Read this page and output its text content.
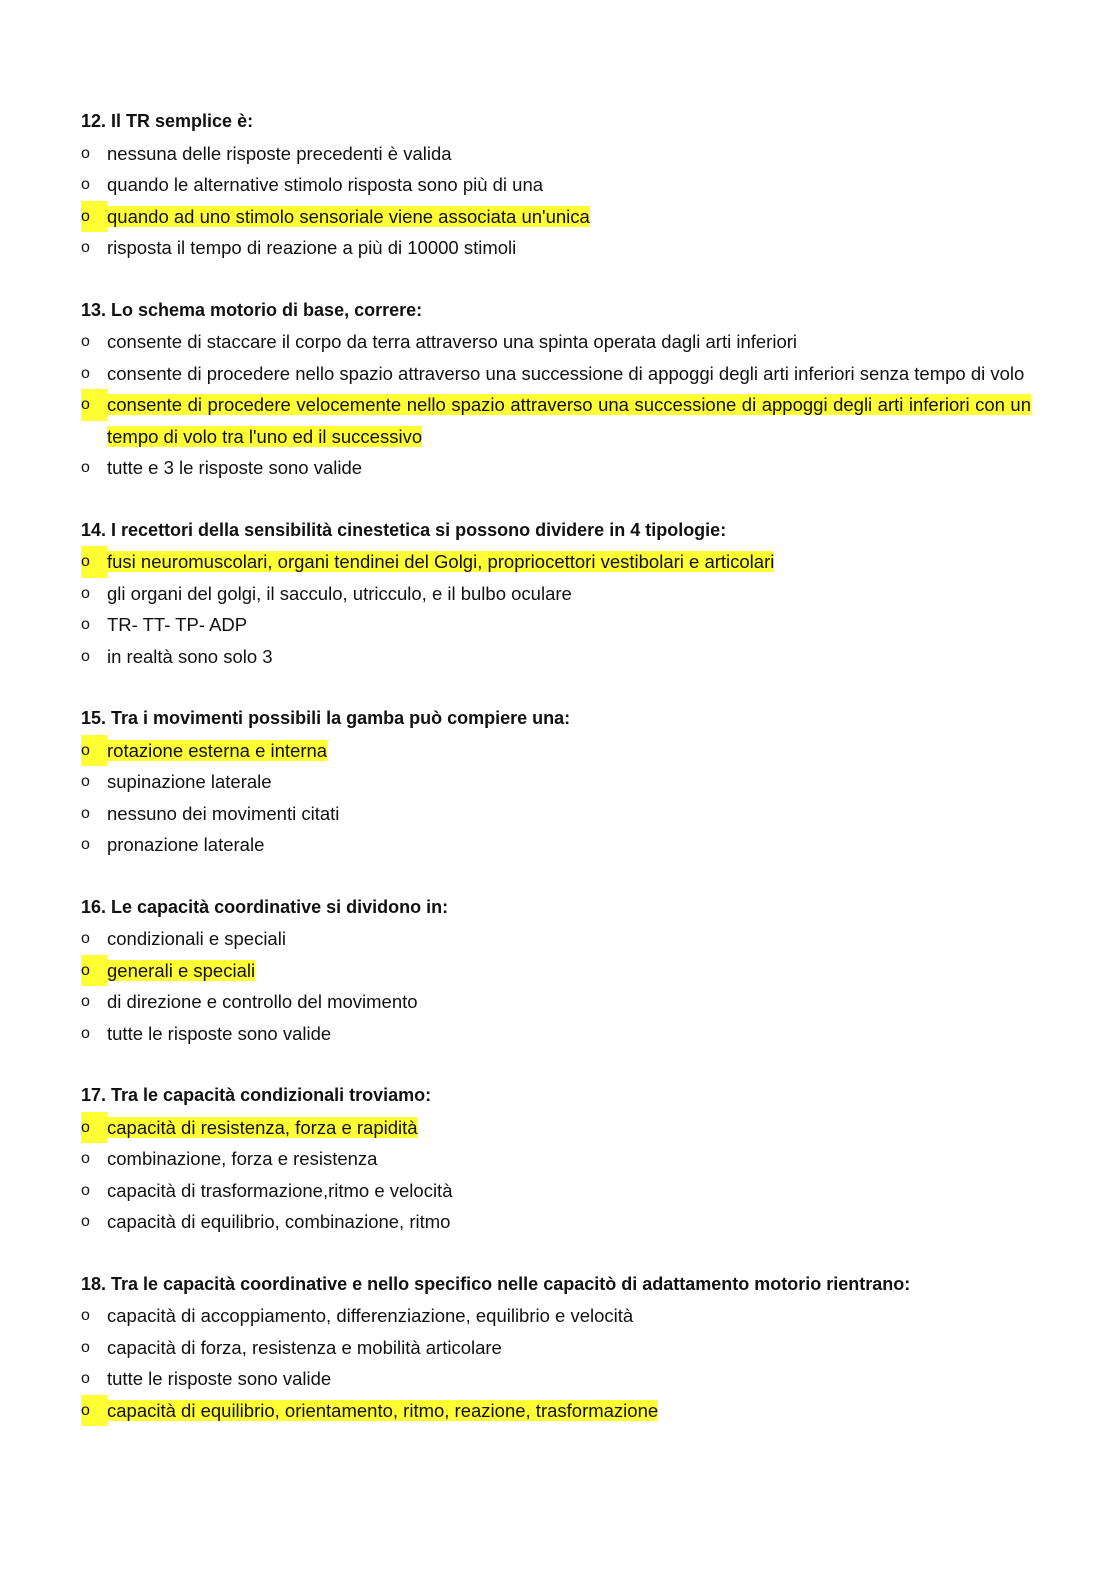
12. Il TR semplice è:
o nessuna delle risposte precedenti è valida
o quando le alternative stimolo risposta sono più di una
o quando ad uno stimolo sensoriale viene associata un'unica
o risposta il tempo di reazione a più di 10000 stimoli
13. Lo schema motorio di base, correre:
o consente di staccare il corpo da terra attraverso una spinta operata dagli arti inferiori
o consente di procedere nello spazio attraverso una successione di appoggi degli arti inferiori senza tempo di volo
o consente di procedere velocemente nello spazio attraverso una successione di appoggi degli arti inferiori con un tempo di volo tra l'uno ed il successivo
o tutte e 3 le risposte sono valide
14. I recettori della sensibilità cinestetica si possono dividere in 4 tipologie:
o fusi neuromuscolari, organi tendinei del Golgi, propriocettori vestibolari e articolari
o gli organi del golgi, il sacculo, utricculo, e il bulbo oculare
o TR- TT- TP- ADP
o in realtà sono solo 3
15. Tra i movimenti possibili la gamba può compiere una:
o rotazione esterna e interna
o supinazione laterale
o nessuno dei movimenti citati
o pronazione laterale
16. Le capacità coordinative si dividono in:
o condizionali e speciali
o generali e speciali
o di direzione e controllo del movimento
o tutte le risposte sono valide
17. Tra le capacità condizionali troviamo:
o capacità di resistenza, forza e rapidità
o combinazione, forza e resistenza
o capacità di trasformazione,ritmo e velocità
o capacità di equilibrio, combinazione, ritmo
18. Tra le capacità coordinative e nello specifico nelle capacitò di adattamento motorio rientrano:
o capacità di accoppiamento, differenziazione, equilibrio e velocità
o capacità di forza, resistenza e mobilità articolare
o tutte le risposte sono valide
o capacità di equilibrio, orientamento, ritmo, reazione, trasformazione
